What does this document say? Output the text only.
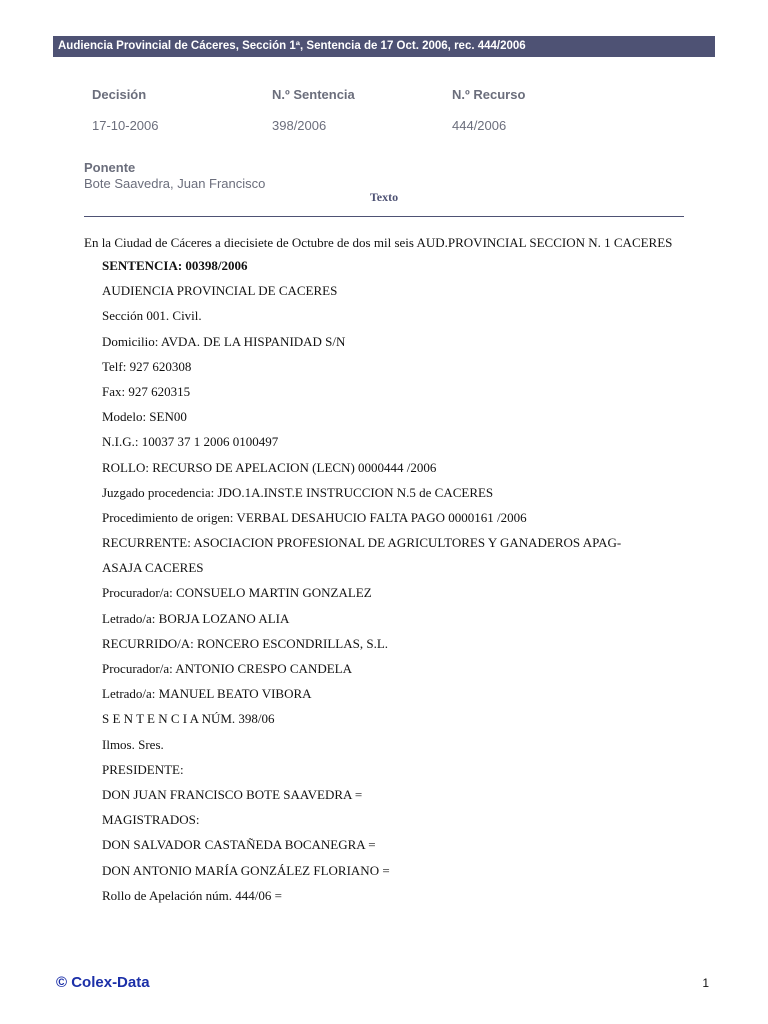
Audiencia Provincial de Cáceres, Sección 1ª, Sentencia de 17 Oct. 2006, rec. 444/2006
Decisión	N.º Sentencia	N.º Recurso
17-10-2006	398/2006	444/2006
Ponente
Bote Saavedra, Juan Francisco
Texto

En la Ciudad de Cáceres a diecisiete de Octubre de dos mil seis AUD.PROVINCIAL SECCION N. 1 CACERES

SENTENCIA: 00398/2006
AUDIENCIA PROVINCIAL DE CACERES
Sección 001. Civil.
Domicilio: AVDA. DE LA HISPANIDAD S/N
Telf: 927 620308
Fax: 927 620315
Modelo: SEN00
N.I.G.: 10037 37 1 2006 0100497
ROLLO: RECURSO DE APELACION (LECN) 0000444 /2006
Juzgado procedencia: JDO.1A.INST.E INSTRUCCION N.5 de CACERES
Procedimiento de origen: VERBAL DESAHUCIO FALTA PAGO 0000161 /2006
RECURRENTE: ASOCIACION PROFESIONAL DE AGRICULTORES Y GANADEROS APAG-
ASAJA CACERES
Procurador/a: CONSUELO MARTIN GONZALEZ
Letrado/a: BORJA LOZANO ALIA
RECURRIDO/A: RONCERO ESCONDRILLAS, S.L.
Procurador/a: ANTONIO CRESPO CANDELA
Letrado/a: MANUEL BEATO VIBORA
S E N T E N C I A NÚM. 398/06
Ilmos. Sres.
PRESIDENTE:
DON JUAN FRANCISCO BOTE SAAVEDRA =
MAGISTRADOS:
DON SALVADOR CASTAÑEDA BOCANEGRA =
DON ANTONIO MARÍA GONZÁLEZ FLORIANO =
Rollo de Apelación núm. 444/06 =
© Colex-Data	1
